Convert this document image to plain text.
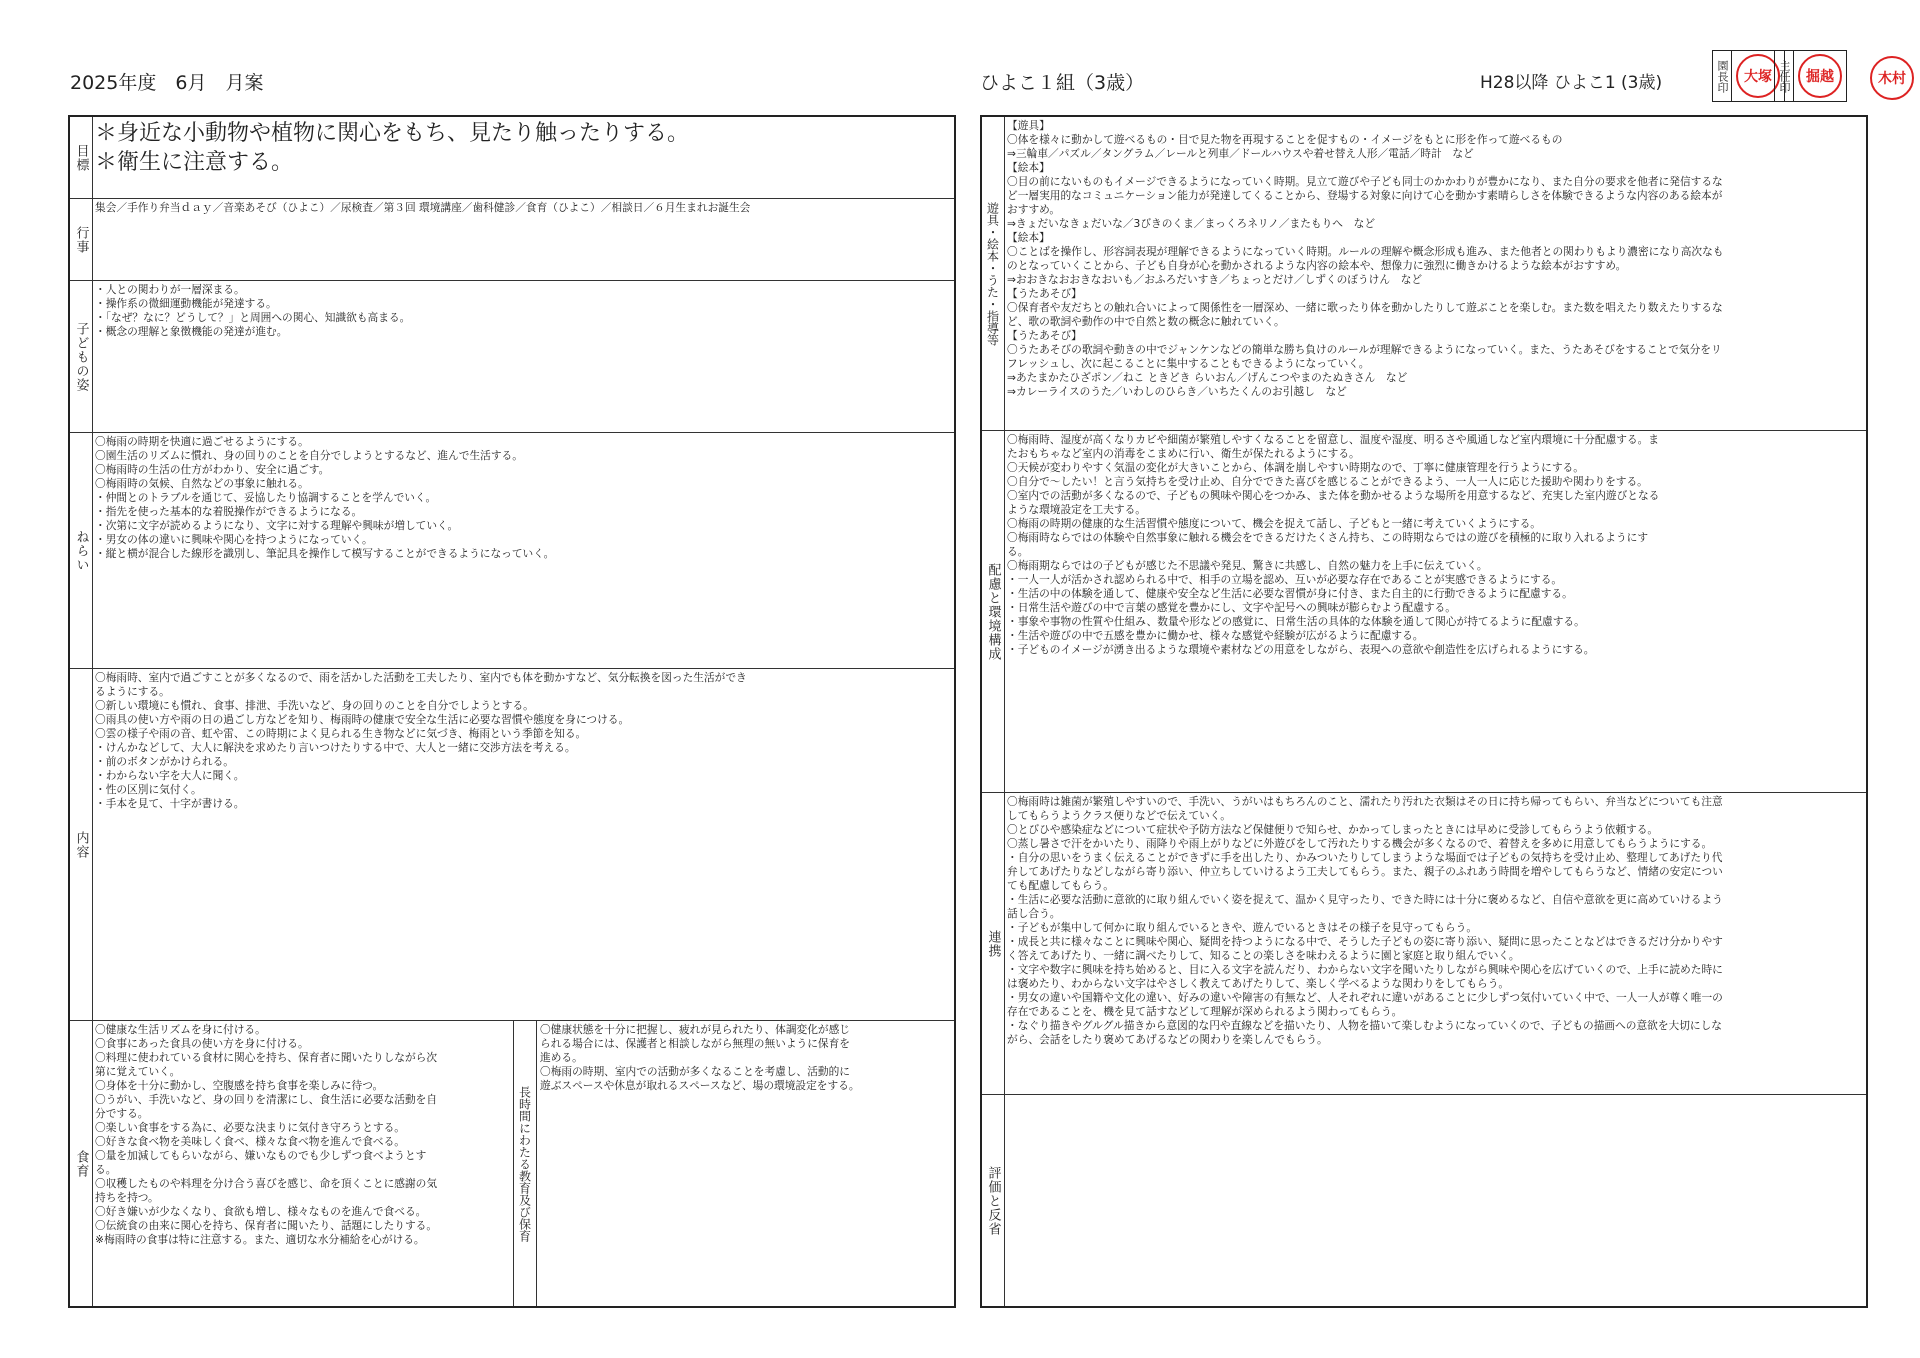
2025年度　6月　月案	ひよこ１組（3歳）	H28以降 ひよこ1 (3歳)	園長印	大塚 主任印	掘越	木村
目標
＊身近な小動物や植物に関心をもち、見たり触ったりする。
＊衛生に注意する。
行事
集会／手作り弁当ｄａｙ／音楽あそび（ひよこ）／尿検査／第３回 環境講座／歯科健診／食育（ひよこ）／相談日／６月生まれお誕生会
子どもの姿
・人との関わりが一層深まる。
・操作系の微細運動機能が発達する。
・「なぜ？なに？どうして？」と周囲への関心、知識欲も高まる。
・概念の理解と象徴機能の発達が進む。
ねらい
〇梅雨の時期を快適に過ごせるようにする。
〇園生活のリズムに慣れ、身の回りのことを自分でしようとするなど、進んで生活する。
〇梅雨時の生活の仕方がわかり、安全に過ごす。
〇梅雨時の気候、自然などの事象に触れる。
・仲間とのトラブルを通じて、妥協したり協調することを学んでいく。
・指先を使った基本的な着脱操作ができるようになる。
・次第に文字が読めるようになり、文字に対する理解や興味が増していく。
・男女の体の違いに興味や関心を持つようになっていく。
・縦と横が混合した線形を識別し、筆記具を操作して模写することができるようになっていく。
内容
〇梅雨時、室内で過ごすことが多くなるので、雨を活かした活動を工夫したり、室内でも体を動かすなど、気分転換を図った生活ができ
るようにする。
〇新しい環境にも慣れ、食事、排泄、手洗いなど、身の回りのことを自分でしようとする。
〇雨具の使い方や雨の日の過ごし方などを知り、梅雨時の健康で安全な生活に必要な習慣や態度を身につける。
〇雲の様子や雨の音、虹や雷、この時期によく見られる生き物などに気づき、梅雨という季節を知る。
・けんかなどして、大人に解決を求めたり言いつけたりする中で、大人と一緒に交渉方法を考える。
・前のボタンがかけられる。
・わからない字を大人に聞く。
・性の区別に気付く。
・手本を見て、十字が書ける。
食育
〇健康な生活リズムを身に付ける。
〇食事にあった食具の使い方を身に付ける。
〇料理に使われている食材に関心を持ち、保育者に聞いたりしながら次
第に覚えていく。
〇身体を十分に動かし、空腹感を持ち食事を楽しみに待つ。
〇うがい、手洗いなど、身の回りを清潔にし、食生活に必要な活動を自
分でする。
〇楽しい食事をする為に、必要な決まりに気付き守ろうとする。
〇好きな食べ物を美味しく食べ、様々な食べ物を進んで食べる。
〇量を加減してもらいながら、嫌いなものでも少しずつ食べようとす
る。
〇収穫したものや料理を分け合う喜びを感じ、命を頂くことに感謝の気
持ちを持つ。
〇好き嫌いが少なくなり、食欲も増し、様々なものを進んで食べる。
〇伝統食の由来に関心を持ち、保育者に聞いたり、話題にしたりする。
※梅雨時の食事は特に注意する。また、適切な水分補給を心がける。	長時間にわたる教育及び保育
〇健康状態を十分に把握し、疲れが見られたり、体調変化が感じ
られる場合には、保護者と相談しながら無理の無いように保育を
進める。
〇梅雨の時期、室内での活動が多くなることを考慮し、活動的に
遊ぶスペースや休息が取れるスペースなど、場の環境設定をする。
遊具・絵本・うた・指導等
【遊具】
〇体を様々に動かして遊べるもの・目で見た物を再現することを促すもの・イメージをもとに形を作って遊べるもの
⇒三輪車／パズル／タングラム／レールと列車／ドールハウスや着せ替え人形／電話／時計　など
【絵本】
〇目の前にないものもイメージできるようになっていく時期。見立て遊びや子ども同士のかかわりが豊かになり、また自分の要求を他者に発信するな
ど一層実用的なコミュニケーション能力が発達してくることから、登場する対象に向けて心を動かす素晴らしさを体験できるような内容のある絵本が
おすすめ。
⇒きょだいなきょだいな／3びきのくま／まっくろネリノ／またもりへ　など
【絵本】
〇ことばを操作し、形容詞表現が理解できるようになっていく時期。ルールの理解や概念形成も進み、また他者との関わりもより濃密になり高次なも
のとなっていくことから、子ども自身が心を動かされるような内容の絵本や、想像力に強烈に働きかけるような絵本がおすすめ。
⇒おおきなおおきなおいも／おふろだいすき／ちょっとだけ／しずくのぼうけん　など
【うたあそび】
〇保育者や友だちとの触れ合いによって関係性を一層深め、一緒に歌ったり体を動かしたりして遊ぶことを楽しむ。また数を唱えたり数えたりするな
ど、歌の歌詞や動作の中で自然と数の概念に触れていく。
【うたあそび】
〇うたあそびの歌詞や動きの中でジャンケンなどの簡単な勝ち負けのルールが理解できるようになっていく。また、うたあそびをすることで気分をリ
フレッシュし、次に起こることに集中することもできるようになっていく。
⇒あたまかたひざポン／ねこ ときどき らいおん／げんこつやまのたぬきさん　など
⇒カレーライスのうた／いわしのひらき／いちたくんのお引越し　など
配慮と環境構成
〇梅雨時、湿度が高くなりカビや細菌が繁殖しやすくなることを留意し、温度や湿度、明るさや風通しなど室内環境に十分配慮する。ま
たおもちゃなど室内の消毒をこまめに行い、衛生が保たれるようにする。
〇天候が変わりやすく気温の変化が大きいことから、体調を崩しやすい時期なので、丁寧に健康管理を行うようにする。
〇自分で〜したい！と言う気持ちを受け止め、自分でできた喜びを感じることができるよう、一人一人に応じた援助や関わりをする。
〇室内での活動が多くなるので、子どもの興味や関心をつかみ、また体を動かせるような場所を用意するなど、充実した室内遊びとなる
ような環境設定を工夫する。
〇梅雨の時期の健康的な生活習慣や態度について、機会を捉えて話し、子どもと一緒に考えていくようにする。
〇梅雨時ならではの体験や自然事象に触れる機会をできるだけたくさん持ち、この時期ならではの遊びを積極的に取り入れるようにす
る。
〇梅雨期ならではの子どもが感じた不思議や発見、驚きに共感し、自然の魅力を上手に伝えていく。
・一人一人が活かされ認められる中で、相手の立場を認め、互いが必要な存在であることが実感できるようにする。
・生活の中の体験を通して、健康や安全など生活に必要な習慣が身に付き、また自主的に行動できるように配慮する。
・日常生活や遊びの中で言葉の感覚を豊かにし、文字や記号への興味が膨らむよう配慮する。
・事象や事物の性質や仕組み、数量や形などの感覚に、日常生活の具体的な体験を通して関心が持てるように配慮する。
・生活や遊びの中で五感を豊かに働かせ、様々な感覚や経験が広がるように配慮する。
・子どものイメージが湧き出るような環境や素材などの用意をしながら、表現への意欲や創造性を広げられるようにする。
連携
〇梅雨時は雑菌が繁殖しやすいので、手洗い、うがいはもちろんのこと、濡れたり汚れた衣類はその日に持ち帰ってもらい、弁当などについても注意
してもらうようクラス便りなどで伝えていく。
〇とびひや感染症などについて症状や予防方法など保健便りで知らせ、かかってしまったときには早めに受診してもらうよう依頼する。
〇蒸し暑さで汗をかいたり、雨降りや雨上がりなどに外遊びをして汚れたりする機会が多くなるので、着替えを多めに用意してもらうようにする。
・自分の思いをうまく伝えることができずに手を出したり、かみついたりしてしまうような場面では子どもの気持ちを受け止め、整理してあげたり代
弁してあげたりなどしながら寄り添い、仲立ちしていけるよう工夫してもらう。また、親子のふれあう時間を増やしてもらうなど、情緒の安定につい
ても配慮してもらう。
・生活に必要な活動に意欲的に取り組んでいく姿を捉えて、温かく見守ったり、できた時には十分に褒めるなど、自信や意欲を更に高めていけるよう
話し合う。
・子どもが集中して何かに取り組んでいるときや、遊んでいるときはその様子を見守ってもらう。
・成長と共に様々なことに興味や関心、疑問を持つようになる中で、そうした子どもの姿に寄り添い、疑問に思ったことなどはできるだけ分かりやす
く答えてあげたり、一緒に調べたりして、知ることの楽しさを味わえるように園と家庭と取り組んでいく。
・文字や数字に興味を持ち始めると、目に入る文字を読んだり、わからない文字を聞いたりしながら興味や関心を広げていくので、上手に読めた時に
は褒めたり、わからない文字はやさしく教えてあげたりして、楽しく学べるような関わりをしてもらう。
・男女の違いや国籍や文化の違い、好みの違いや障害の有無など、人それぞれに違いがあることに少しずつ気付いていく中で、一人一人が尊く唯一の
存在であることを、機を見て話すなどして理解が深められるよう関わってもらう。
・なぐり描きやグルグル描きから意図的な円や直線などを描いたり、人物を描いて楽しむようになっていくので、子どもの描画への意欲を大切にしな
がら、会話をしたり褒めてあげるなどの関わりを楽しんでもらう。
評価と反省
